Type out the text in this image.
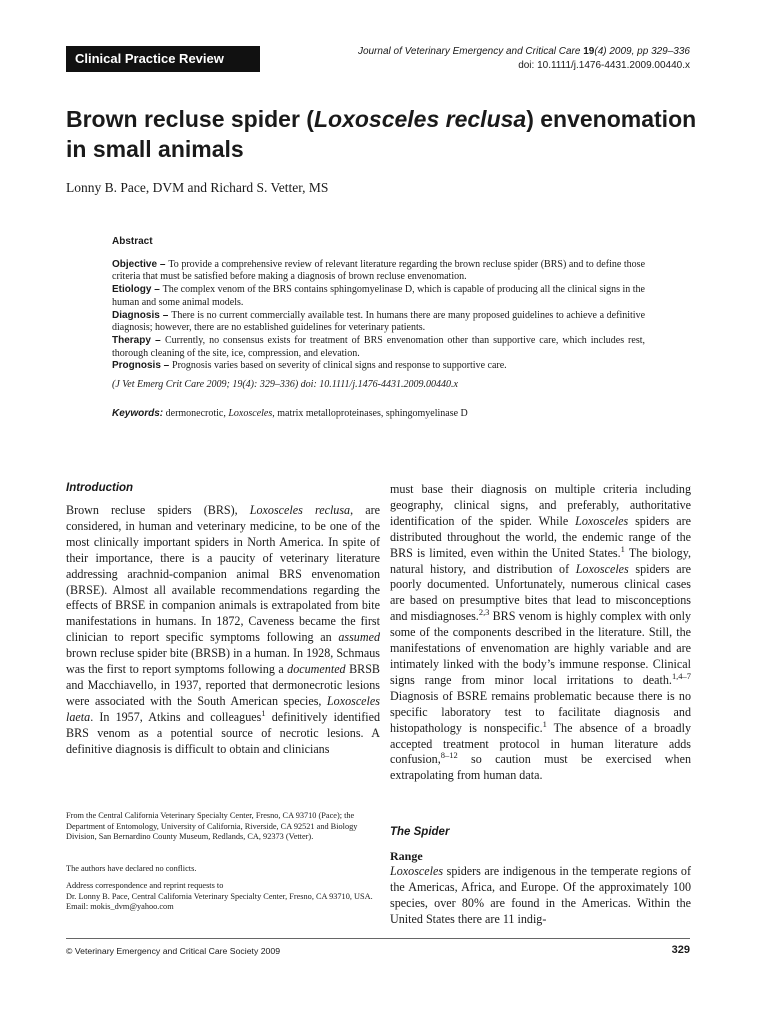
Clinical Practice Review	Journal of Veterinary Emergency and Critical Care 19(4) 2009, pp 329–336
doi: 10.1111/j.1476-4431.2009.00440.x
Brown recluse spider (Loxosceles reclusa) envenomation in small animals
Lonny B. Pace, DVM and Richard S. Vetter, MS
Abstract

Objective – To provide a comprehensive review of relevant literature regarding the brown recluse spider (BRS) and to define those criteria that must be satisfied before making a diagnosis of brown recluse envenomation.

Etiology – The complex venom of the BRS contains sphingomyelinase D, which is capable of producing all the clinical signs in the human and some animal models.

Diagnosis – There is no current commercially available test. In humans there are many proposed guidelines to achieve a definitive diagnosis; however, there are no established guidelines for veterinary patients.

Therapy – Currently, no consensus exists for treatment of BRS envenomation other than supportive care, which includes rest, thorough cleaning of the site, ice, compression, and elevation.

Prognosis – Prognosis varies based on severity of clinical signs and response to supportive care.

(J Vet Emerg Crit Care 2009; 19(4): 329–336) doi: 10.1111/j.1476-4431.2009.00440.x

Keywords: dermonecrotic, Loxosceles, matrix metalloproteinases, sphingomyelinase D

Introduction
Brown recluse spiders (BRS), Loxosceles reclusa, are considered, in human and veterinary medicine, to be one of the most clinically important spiders in North America. In spite of their importance, there is a paucity of veterinary literature addressing arachnid-companion animal BRS envenomation (BRSE). Almost all available recommendations regarding the effects of BRSE in companion animals is extrapolated from bite manifestations in humans. In 1872, Caveness became the first clinician to report specific symptoms following an assumed brown recluse spider bite (BRSB) in a human. In 1928, Schmaus was the first to report symptoms following a documented BRSB and Macchiavello, in 1937, reported that dermonecrotic lesions were associated with the South American species, Loxosceles laeta. In 1957, Atkins and colleagues$^1$ definitively identified BRS venom as a potential source of necrotic lesions. A definitive diagnosis is difficult to obtain and clinicians
must base their diagnosis on multiple criteria including geography, clinical signs, and preferably, authoritative identification of the spider. While Loxosceles spiders are distributed throughout the world, the endemic range of the BRS is limited, even within the United States.$^1$ The biology, natural history, and distribution of Loxosceles spiders are poorly documented. Unfortunately, numerous clinical cases are based on presumptive bites that lead to misconceptions and misdiagnoses.$^{2,3}$ BRS venom is highly complex with only some of the components described in the literature. Still, the manifestations of envenomation are highly variable and are intimately linked with the body’s immune response. Clinical signs range from minor local irritations to death.$^{1,4-7}$ Diagnosis of BSRE remains problematic because there is no specific laboratory test to facilitate diagnosis and histopathology is nonspecific.$^1$ The absence of a broadly accepted treatment protocol in human literature adds confusion,$^{8-12}$ so caution must be exercised when extrapolating from human data.
The Spider
Range
Loxosceles spiders are indigenous in the temperate regions of the Americas, Africa, and Europe. Of the approximately 100 species, over 80% are found in the Americas. Within the United States there are 11 indig-
From the Central California Veterinary Specialty Center, Fresno, CA 93710 (Pace); the Department of Entomology, University of California, Riverside, CA 92521 and Biology Division, San Bernardino County Museum, Redlands, CA, 92373 (Vetter).
The authors have declared no conflicts.
Address correspondence and reprint requests to
Dr. Lonny B. Pace, Central California Veterinary Specialty Center, Fresno, CA 93710, USA.
Email: mokis_dvm@yahoo.com
© Veterinary Emergency and Critical Care Society 2009	329
